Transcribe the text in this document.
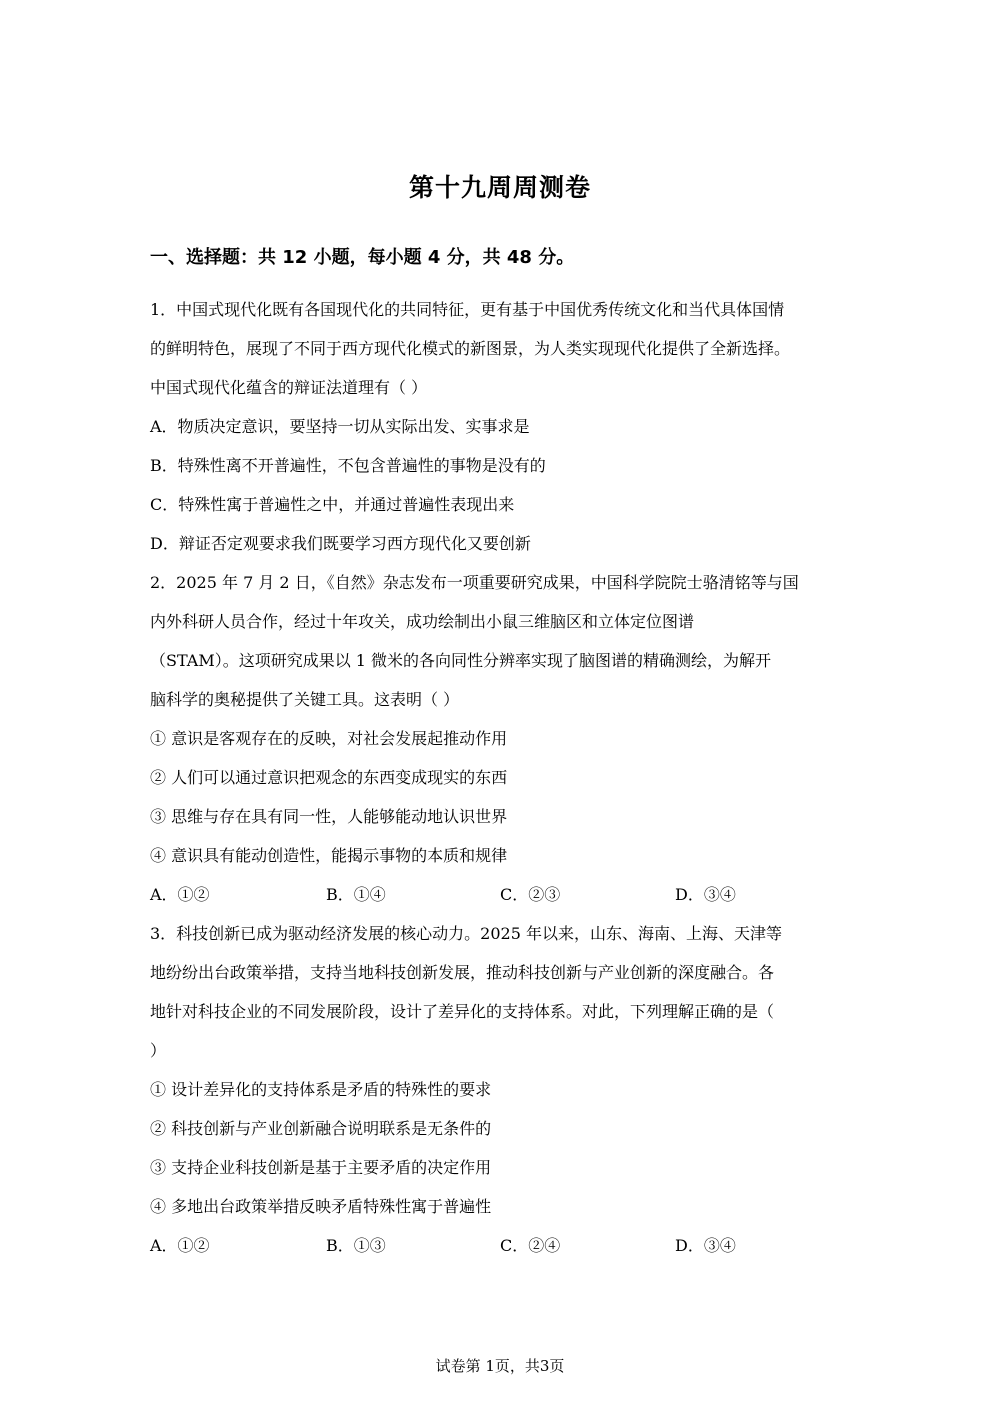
第十九周周测卷
一、选择题：共 12 小题，每小题 4 分，共 48 分。
1．中国式现代化既有各国现代化的共同特征，更有基于中国优秀传统文化和当代具体国情
的鲜明特色，展现了不同于西方现代化模式的新图景，为人类实现现代化提供了全新选择。
中国式现代化蕴含的辩证法道理有（ ）
A．物质决定意识，要坚持一切从实际出发、实事求是
B．特殊性离不开普遍性，不包含普遍性的事物是没有的
C．特殊性寓于普遍性之中，并通过普遍性表现出来
D．辩证否定观要求我们既要学习西方现代化又要创新
2．2025 年 7 月 2 日，《自然》杂志发布一项重要研究成果，中国科学院院士骆清铭等与国
内外科研人员合作，经过十年攻关，成功绘制出小鼠三维脑区和立体定位图谱
（STAM）。这项研究成果以 1 微米的各向同性分辨率实现了脑图谱的精确测绘，为解开
脑科学的奥秘提供了关键工具。这表明（ ）
① 意识是客观存在的反映，对社会发展起推动作用
② 人们可以通过意识把观念的东西变成现实的东西
③ 思维与存在具有同一性，人能够能动地认识世界
④ 意识具有能动创造性，能揭示事物的本质和规律
A．①②	B．①④	C．②③	D．③④
3．科技创新已成为驱动经济发展的核心动力。2025 年以来，山东、海南、上海、天津等
地纷纷出台政策举措，支持当地科技创新发展，推动科技创新与产业创新的深度融合。各
地针对科技企业的不同发展阶段，设计了差异化的支持体系。对此，下列理解正确的是（
）
① 设计差异化的支持体系是矛盾的特殊性的要求
② 科技创新与产业创新融合说明联系是无条件的
③ 支持企业科技创新是基于主要矛盾的决定作用
④ 多地出台政策举措反映矛盾特殊性寓于普遍性
A．①②	B．①③	C．②④	D．③④
试卷第 1页，共3页
